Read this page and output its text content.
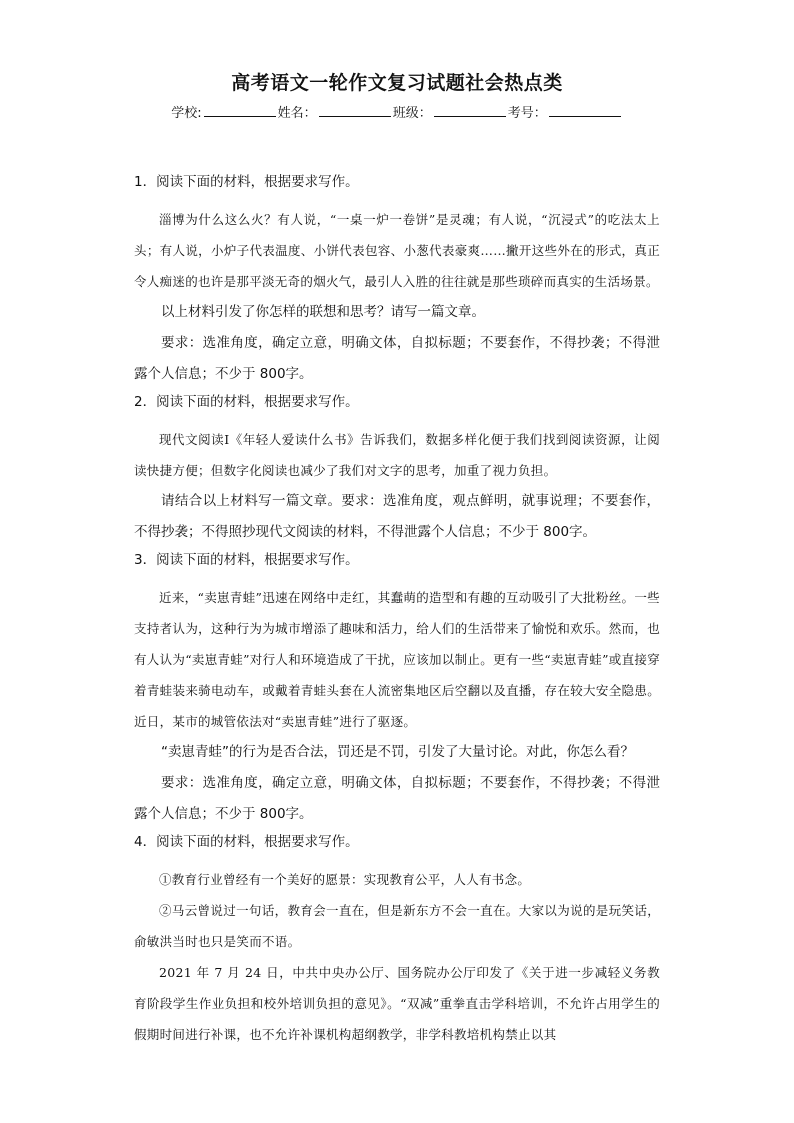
高考语文一轮作文复习试题社会热点类
学校:	姓名：	班级：	考号：

1．阅读下面的材料，根据要求写作。

淄博为什么这么火？有人说，“一桌一炉一卷饼”是灵魂；有人说，“沉浸式”的吃法太上头；有人说，小炉子代表温度、小饼代表包容、小葱代表豪爽……撇开这些外在的形式，真正令人痴迷的也许是那平淡无奇的烟火气，最引人入胜的往往就是那些琐碎而真实的生活场景。

以上材料引发了你怎样的联想和思考？请写一篇文章。

要求：选准角度，确定立意，明确文体，自拟标题；不要套作，不得抄袭；不得泄露个人信息；不少于 800字。

2．阅读下面的材料，根据要求写作。

现代文阅读Ⅰ《年轻人爱读什么书》告诉我们，数据多样化便于我们找到阅读资源，让阅读快捷方便；但数字化阅读也减少了我们对文字的思考，加重了视力负担。

请结合以上材料写一篇文章。要求：选准角度，观点鲜明，就事说理；不要套作，不得抄袭；不得照抄现代文阅读的材料，不得泄露个人信息；不少于 800字。

3．阅读下面的材料，根据要求写作。

近来，“卖崽青蛙”迅速在网络中走红，其蠢萌的造型和有趣的互动吸引了大批粉丝。一些支持者认为，这种行为为城市增添了趣味和活力，给人们的生活带来了愉悦和欢乐。然而，也有人认为“卖崽青蛙”对行人和环境造成了干扰，应该加以制止。更有一些“卖崽青蛙”或直接穿着青蛙装来骑电动车，或戴着青蛙头套在人流密集地区后空翻以及直播，存在较大安全隐患。近日，某市的城管依法对“卖崽青蛙”进行了驱逐。

“卖崽青蛙”的行为是否合法，罚还是不罚，引发了大量讨论。对此，你怎么看？

要求：选准角度，确定立意，明确文体，自拟标题；不要套作，不得抄袭；不得泄露个人信息；不少于 800字。

4．阅读下面的材料，根据要求写作。

①教育行业曾经有一个美好的愿景：实现教育公平，人人有书念。

②马云曾说过一句话，教育会一直在，但是新东方不会一直在。大家以为说的是玩笑话，俞敏洪当时也只是笑而不语。

2021 年 7 月 24 日，中共中央办公厅、国务院办公厅印发了《关于进一步减轻义务教育阶段学生作业负担和校外培训负担的意见》。“双减”重拳直击学科培训，不允许占用学生的假期时间进行补课，也不允许补课机构超纲教学，非学科教培机构禁止以其
